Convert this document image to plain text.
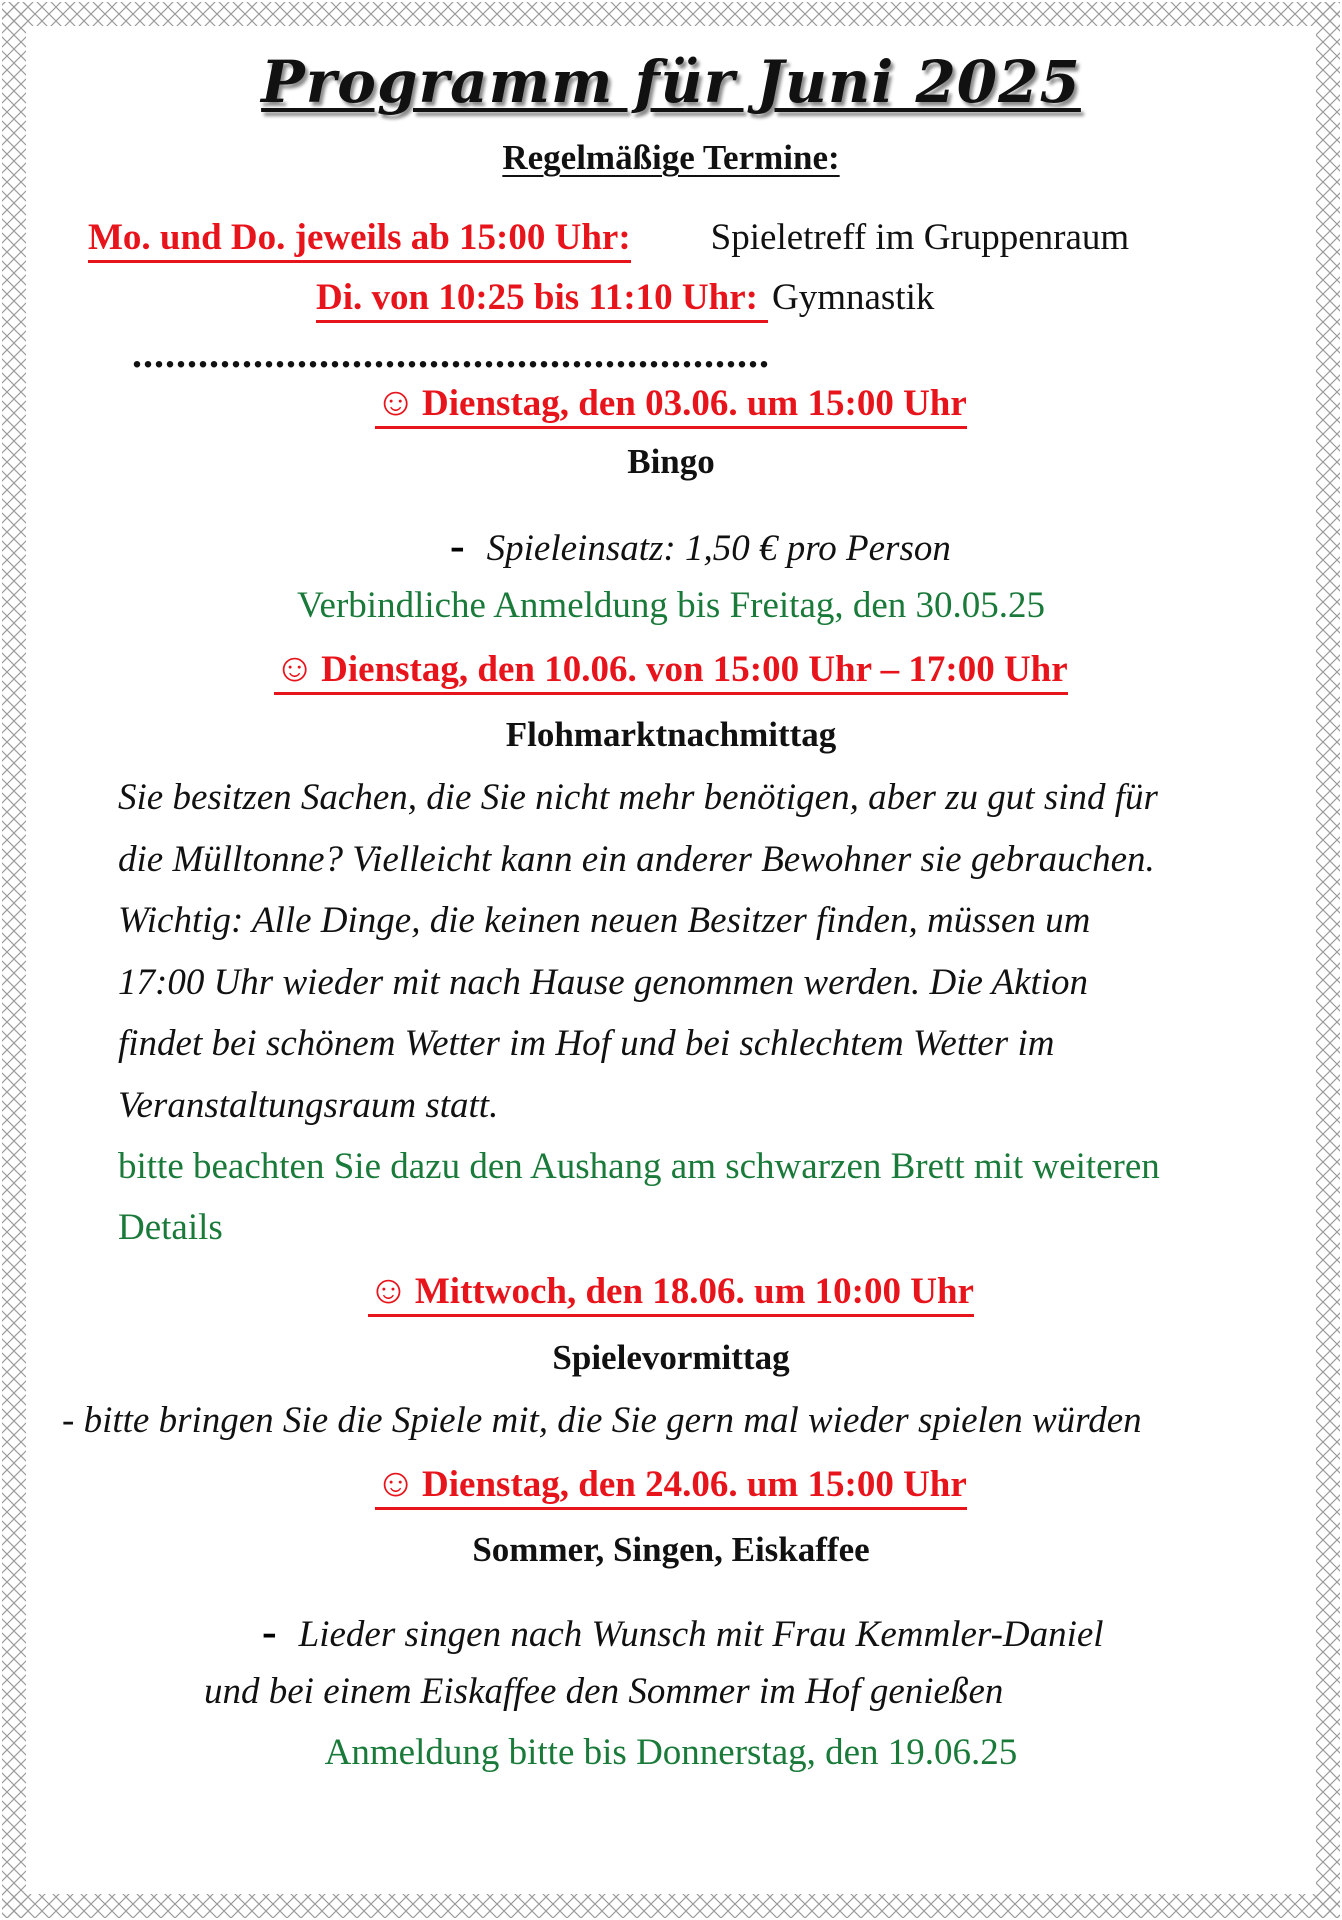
Programm für Juni 2025
Regelmäßige Termine:
Mo. und Do. jeweils ab 15:00 Uhr: Spieletreff im Gruppenraum
Di. von 10:25 bis 11:10 Uhr: Gymnastik
..........................................................
☺ Dienstag, den 03.06. um 15:00 Uhr
Bingo
- Spieleinsatz: 1,50 € pro Person
Verbindliche Anmeldung bis Freitag, den 30.05.25
☺ Dienstag, den 10.06. von 15:00 Uhr – 17:00 Uhr
Flohmarktnachmittag
Sie besitzen Sachen, die Sie nicht mehr benötigen, aber zu gut sind für
die Mülltonne? Vielleicht kann ein anderer Bewohner sie gebrauchen.
Wichtig: Alle Dinge, die keinen neuen Besitzer finden, müssen um
17:00 Uhr wieder mit nach Hause genommen werden. Die Aktion
findet bei schönem Wetter im Hof und bei schlechtem Wetter im
Veranstaltungsraum statt.
bitte beachten Sie dazu den Aushang am schwarzen Brett mit weiteren
Details
☺ Mittwoch, den 18.06. um 10:00 Uhr
Spielevormittag
- bitte bringen Sie die Spiele mit, die Sie gern mal wieder spielen würden
☺ Dienstag, den 24.06. um 15:00 Uhr
Sommer, Singen, Eiskaffee
- Lieder singen nach Wunsch mit Frau Kemmler-Daniel
und bei einem Eiskaffee den Sommer im Hof genießen
Anmeldung bitte bis Donnerstag, den 19.06.25
